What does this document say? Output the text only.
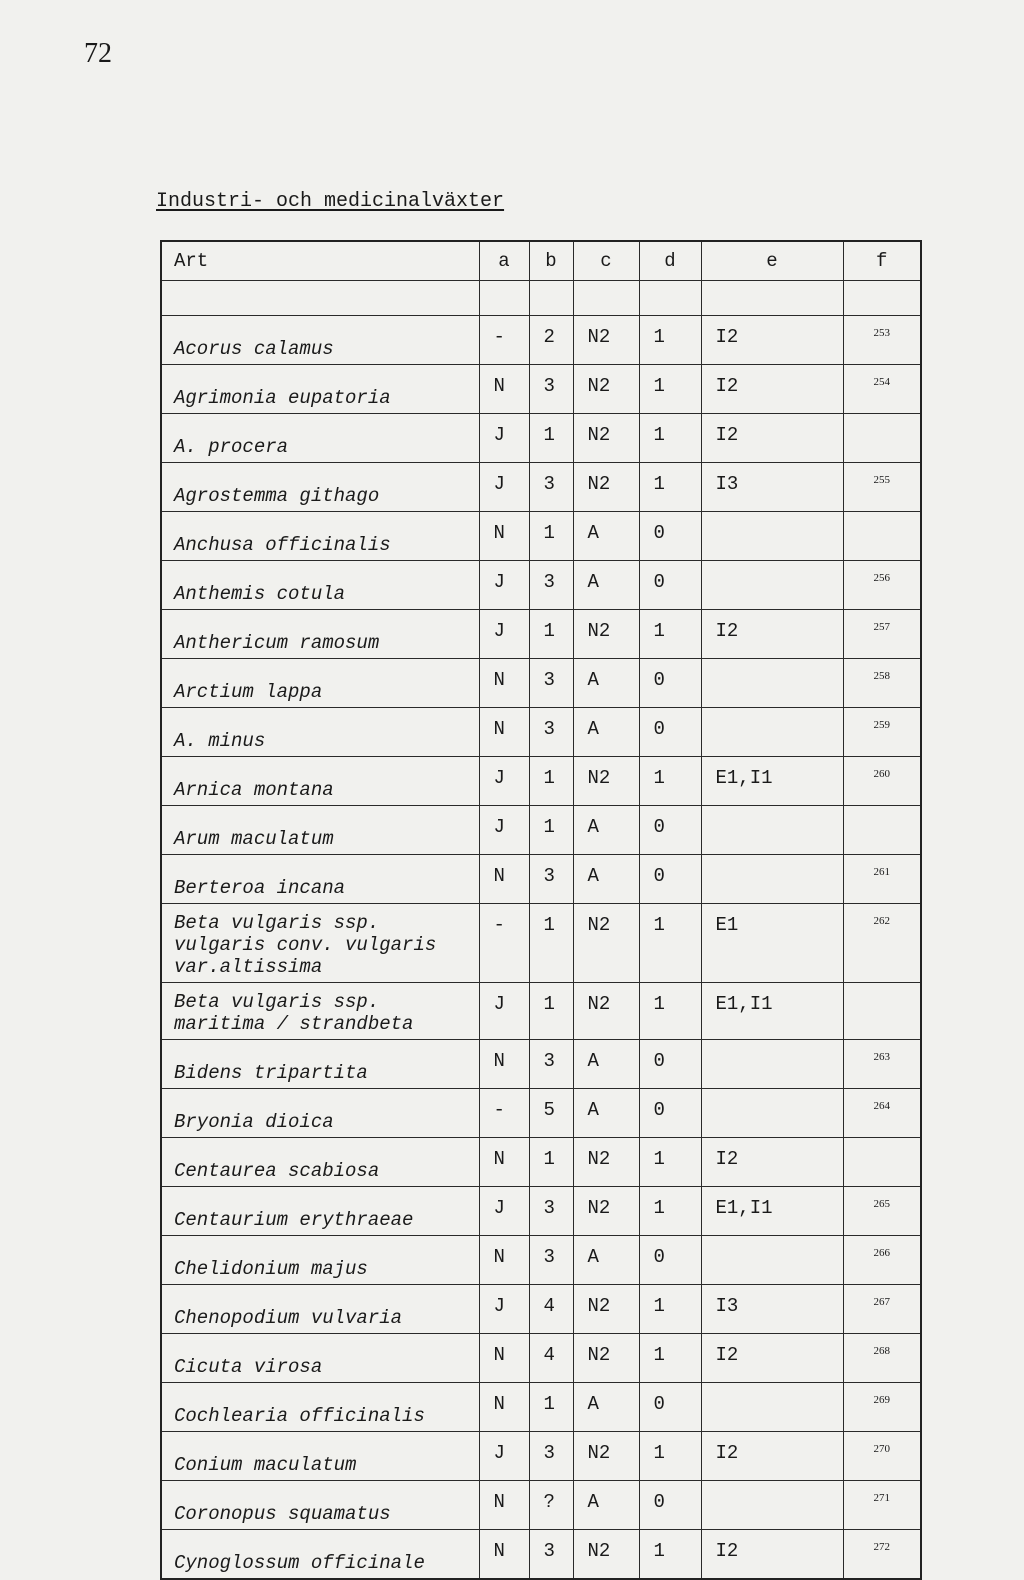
72
Industri- och medicinalväxter
Art	a	b	c	d	e	f

Acorus calamus	-	2	N2	1	I2	253
Agrimonia eupatoria	N	3	N2	1	I2	254
A. procera	J	1	N2	1	I2	
Agrostemma githago	J	3	N2	1	I3	255
Anchusa officinalis	N	1	A	0		
Anthemis cotula	J	3	A	0		256
Anthericum ramosum	J	1	N2	1	I2	257
Arctium lappa	N	3	A	0		258
A. minus	N	3	A	0		259
Arnica montana	J	1	N2	1	E1,I1	260
Arum maculatum	J	1	A	0		
Berteroa incana	N	3	A	0		261
Beta vulgaris ssp. vulgaris conv. vulgaris var.altissima	-	1	N2	1	E1	262
Beta vulgaris ssp. maritima / strandbeta	J	1	N2	1	E1,I1	
Bidens tripartita	N	3	A	0		263
Bryonia dioica	-	5	A	0		264
Centaurea scabiosa	N	1	N2	1	I2	
Centaurium erythraeae	J	3	N2	1	E1,I1	265
Chelidonium majus	N	3	A	0		266
Chenopodium vulvaria	J	4	N2	1	I3	267
Cicuta virosa	N	4	N2	1	I2	268
Cochlearia officinalis	N	1	A	0		269
Conium maculatum	J	3	N2	1	I2	270
Coronopus squamatus	N	?	A	0		271
Cynoglossum officinale	N	3	N2	1	I2	272
